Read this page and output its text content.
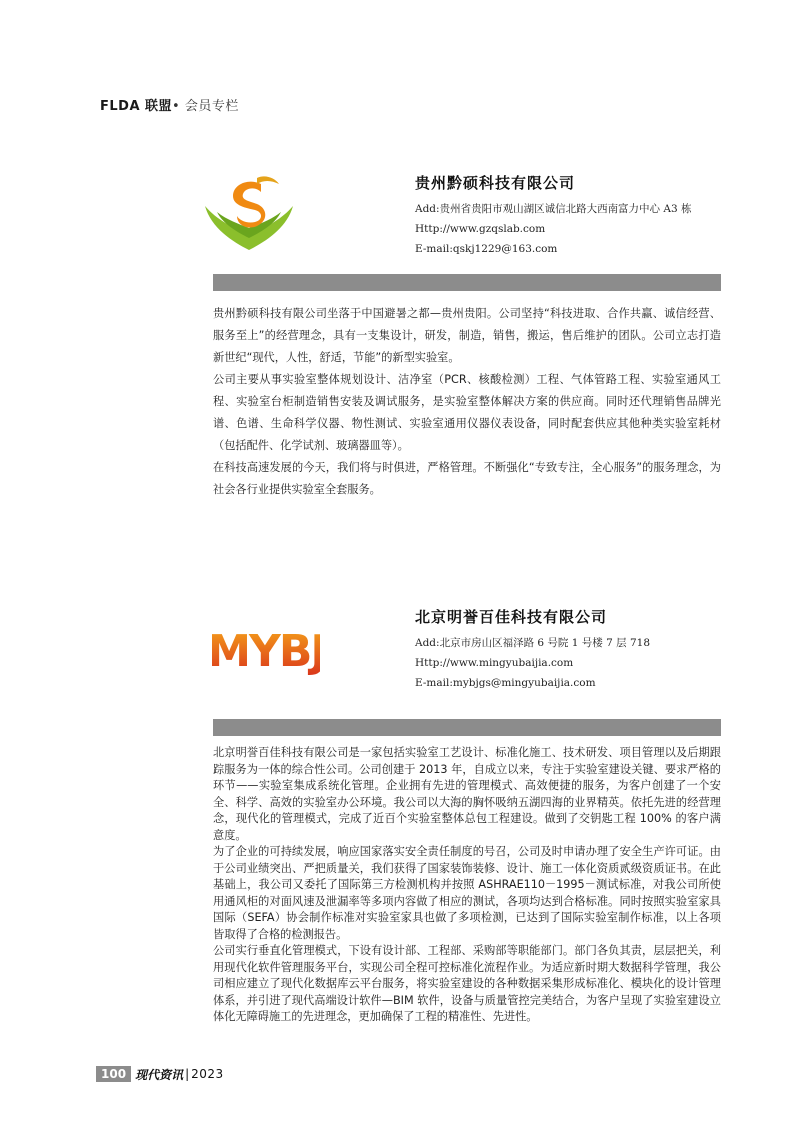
FLDA 联盟• 会员专栏
贵州黔硕科技有限公司
Add:贵州省贵阳市观山湖区诚信北路大西南富力中心 A3 栋
Http://www.gzqslab.com
E-mail:qskj1229@163.com

贵州黔硕科技有限公司坐落于中国避暑之都—贵州贵阳。公司坚持“科技进取、合作共赢、诚信经营、服务至上”的经营理念，具有一支集设计，研发，制造，销售，搬运，售后维护的团队。公司立志打造新世纪“现代，人性，舒适，节能”的新型实验室。

公司主要从事实验室整体规划设计、洁净室（PCR、核酸检测）工程、气体管路工程、实验室通风工程、实验室台柜制造销售安装及调试服务，是实验室整体解决方案的供应商。同时还代理销售品牌光谱、色谱、生命科学仪器、物性测试、实验室通用仪器仪表设备，同时配套供应其他种类实验室耗材（包括配件、化学试剂、玻璃器皿等）。

在科技高速发展的今天，我们将与时俱进，严格管理。不断强化“专致专注，全心服务”的服务理念，为社会各行业提供实验室全套服务。

MYBJ
北京明誉百佳科技有限公司
Add:北京市房山区福泽路 6 号院 1 号楼 7 层 718
Http://www.mingyubaijia.com
E-mail:mybjgs@mingyubaijia.com

北京明誉百佳科技有限公司是一家包括实验室工艺设计、标准化施工、技术研发、项目管理以及后期跟踪服务为一体的综合性公司。公司创建于 2013 年，自成立以来，专注于实验室建设关键、要求严格的环节——实验室集成系统化管理。企业拥有先进的管理模式、高效便捷的服务，为客户创建了一个安全、科学、高效的实验室办公环境。我公司以大海的胸怀吸纳五湖四海的业界精英。依托先进的经营理念，现代化的管理模式，完成了近百个实验室整体总包工程建设。做到了交钥匙工程 100% 的客户满意度。

为了企业的可持续发展，响应国家落实安全责任制度的号召，公司及时申请办理了安全生产许可证。由于公司业绩突出、严把质量关，我们获得了国家装饰装修、设计、施工一体化资质贰级资质证书。在此基础上，我公司又委托了国际第三方检测机构并按照 ASHRAE110－1995－测试标准，对我公司所使用通风柜的对面风速及泄漏率等多项内容做了相应的测试，各项均达到合格标准。同时按照实验室家具国际（SEFA）协会制作标准对实验室家具也做了多项检测，已达到了国际实验室制作标准，以上各项皆取得了合格的检测报告。

公司实行垂直化管理模式，下设有设计部、工程部、采购部等职能部门。部门各负其责，层层把关，利用现代化软件管理服务平台，实现公司全程可控标准化流程作业。为适应新时期大数据科学管理，我公司相应建立了现代化数据库云平台服务，将实验室建设的各种数据采集形成标准化、模块化的设计管理体系，并引进了现代高端设计软件—BIM 软件，设备与质量管控完美结合，为客户呈现了实验室建设立体化无障碍施工的先进理念，更加确保了工程的精准性、先进性。

100 现代资讯 | 2023
